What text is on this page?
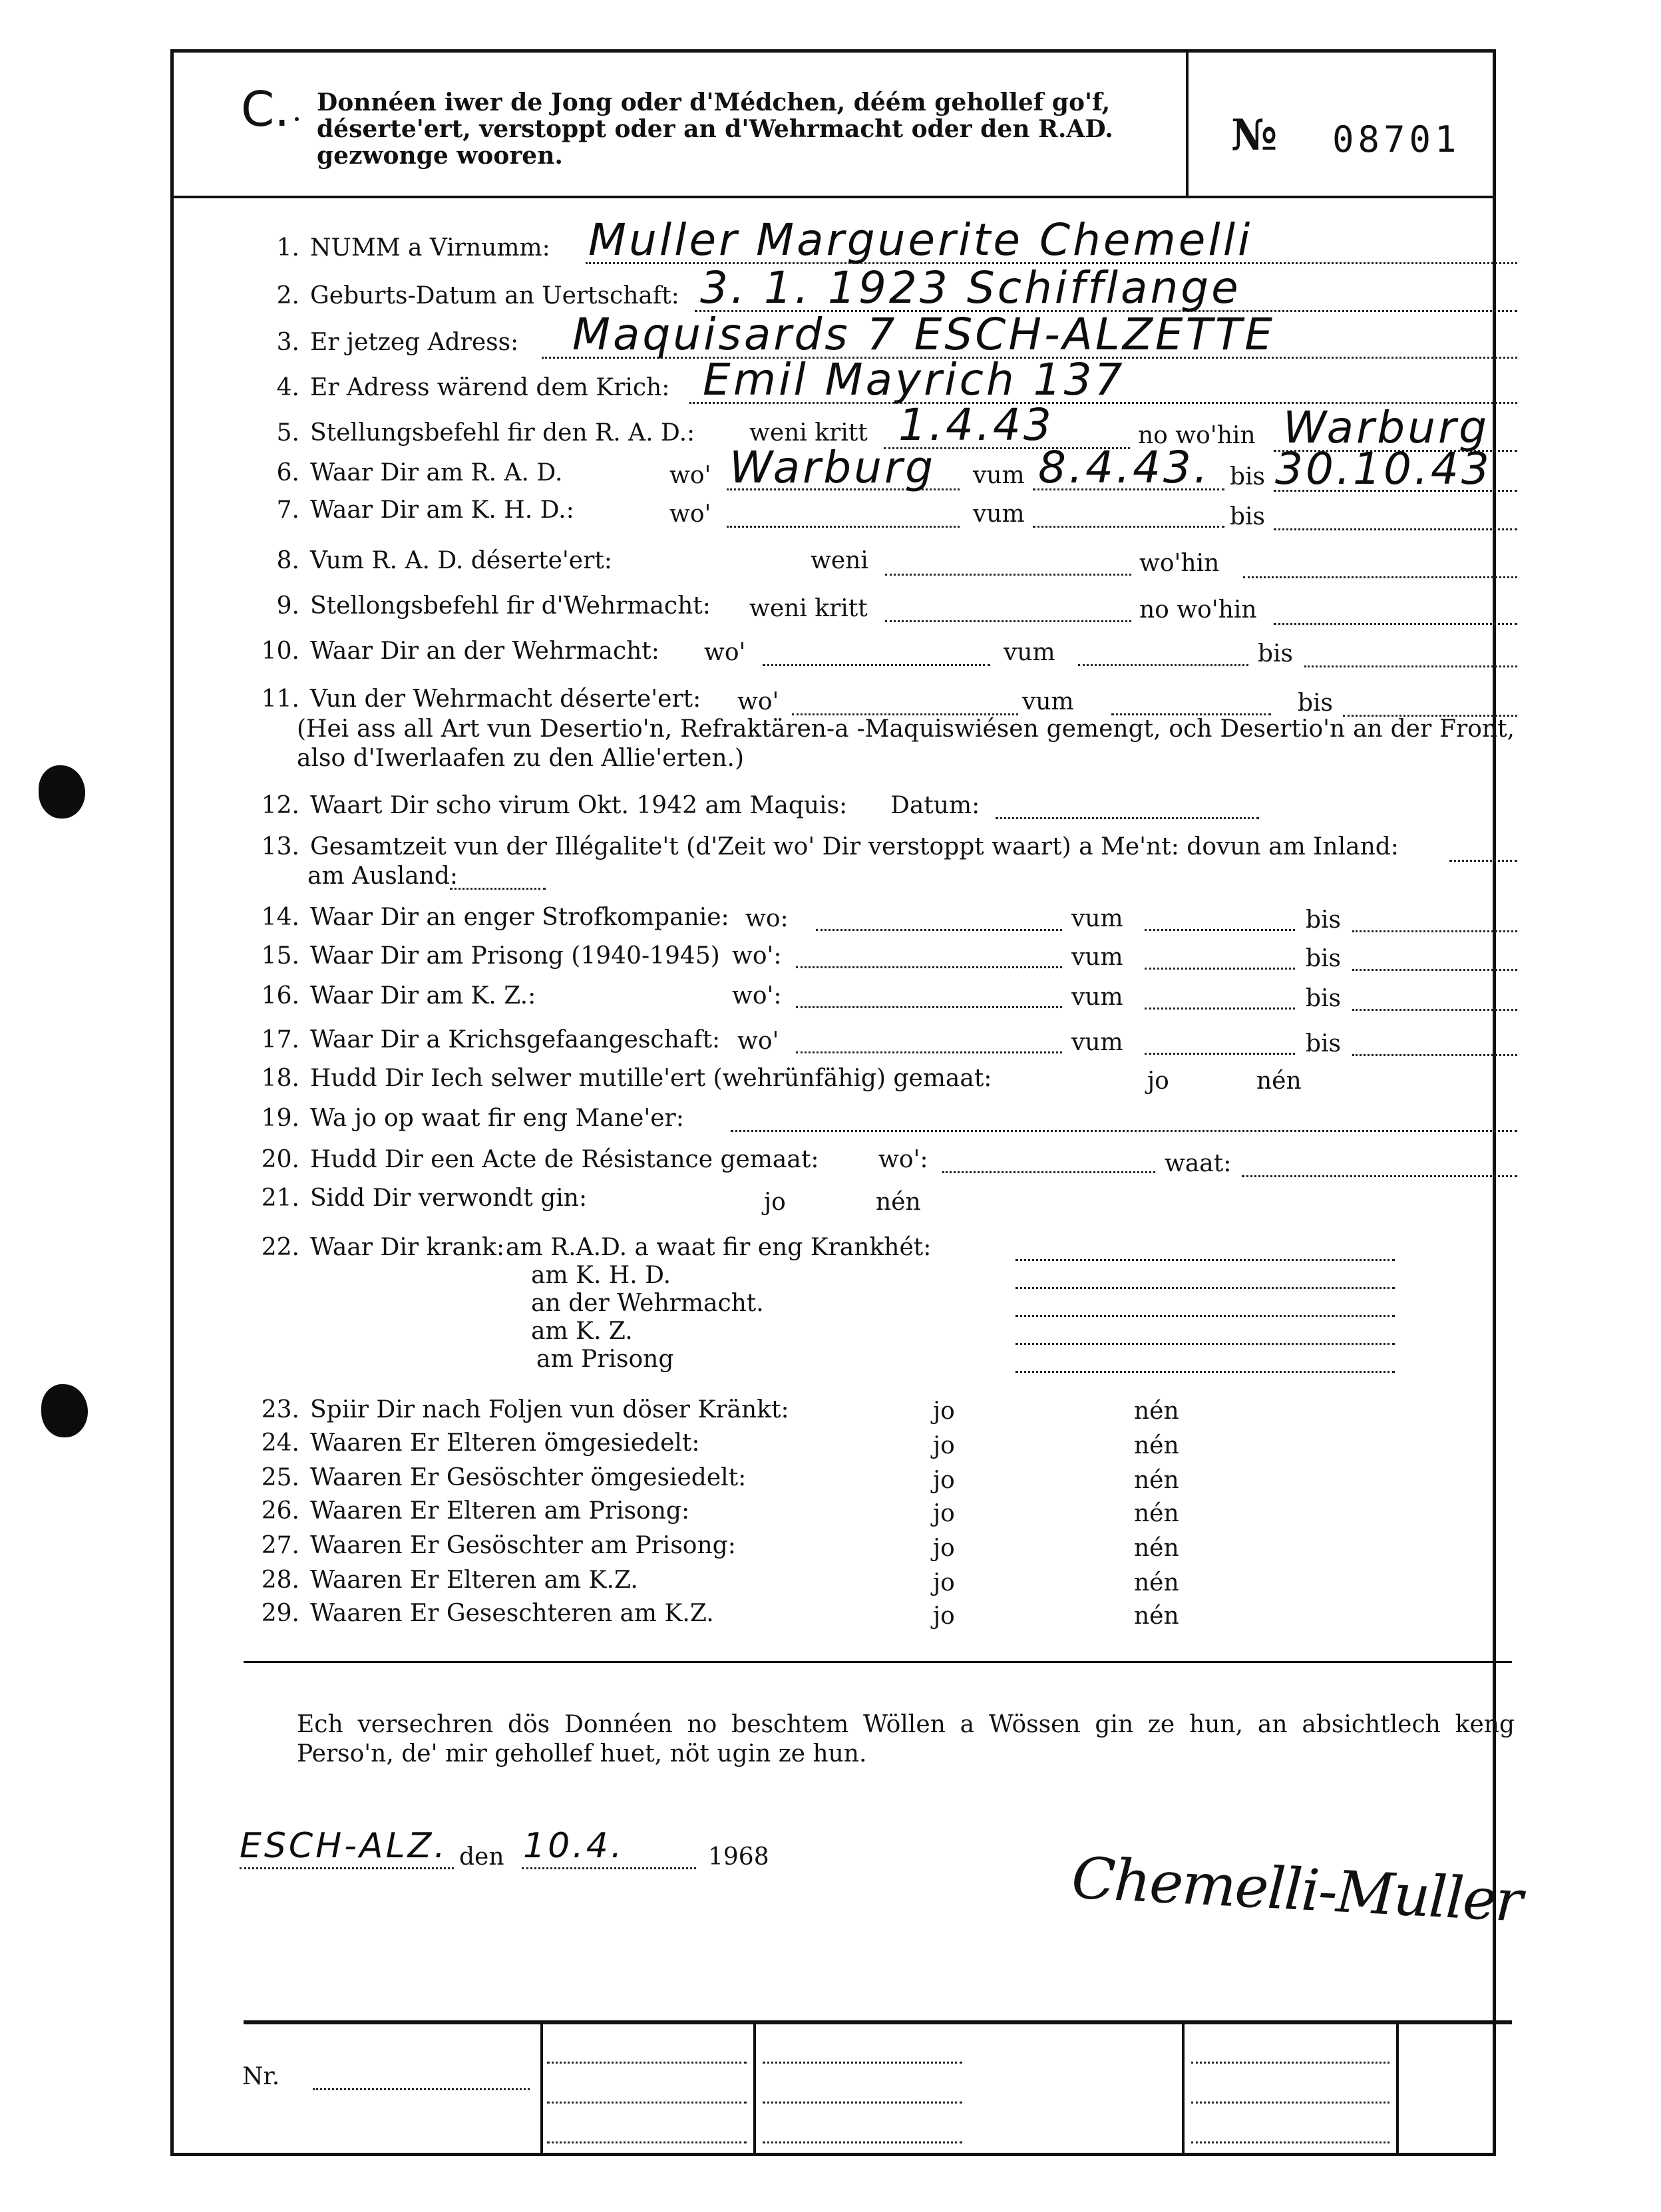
C. Donnéen iwer de Jong oder d'Médchen, déém gehollef go'f, déserte'ert, verstoppt oder an d'Wehrmacht oder den R.AD. gezwonge wooren.	№ 08701
1. NUMM a Virnumm: Muller Marguerite Chemelli
2. Geburts-Datum an Uertschaft: 3. 1. 1923 Schifflange
3. Er jetzeg Adress: Maquisards 7 ESCH-ALZETTE
4. Er Adress wärend dem Krich: Emil Mayrich 137
5. Stellungsbefehl fir den R. A. D.: weni kritt 1.4.43	no wo'hin Warburg
6. Waar Dir am R. A. D.	wo' Warburg vum 8.4.43. bis 30.10.43
7. Waar Dir am K. H. D.:	wo'	vum	bis
8. Vum R. A. D. déserte'ert:	weni	wo'hin
9. Stellongsbefehl fir d'Wehrmacht: weni kritt	no wo'hin
10. Waar Dir an der Wehrmacht: wo'	vum	bis
11. Vun der Wehrmacht déserte'ert: wo'	vum	bis
(Hei ass all Art vun Desertio'n, Refraktären-a -Maquiswiésen gemengt, och Desertio'n an der Front, also d'Iwerlaafen zu den Allie'erten.)
12. Waart Dir scho virum Okt. 1942 am Maquis: Datum:
13. Gesamtzeit vun der Illégalite't (d'Zeit wo' Dir verstoppt waart) a Me'nt: dovun am Inland:
am Ausland:
14. Waar Dir an enger Strofkompanie: wo:	vum	bis
15. Waar Dir am Prisong (1940-1945) wo':	vum	bis
16. Waar Dir am K. Z.:	wo':	vum	bis
17. Waar Dir a Krichsgefaangeschaft: wo'	vum	bis
18. Hudd Dir Iech selwer mutille'ert (wehrünfähig) gemaat:	jo	nén
19. Wa jo op waat fir eng Mane'er:
20. Hudd Dir een Acte de Résistance gemaat: wo':	waat:
21. Sidd Dir verwondt gin:	jo	nén
22. Waar Dir krank: am R.A.D. a waat fir eng Krankhét:
am K. H. D.
an der Wehrmacht.
am K. Z.
am Prisong
23. Spiir Dir nach Foljen vun döser Kränkt:	jo	nén
24. Waaren Er Elteren ömgesiedelt:	jo	nén
25. Waaren Er Gesöschter ömgesiedelt:	jo	nén
26. Waaren Er Elteren am Prisong:	jo	nén
27. Waaren Er Gesöschter am Prisong:	jo	nén
28. Waaren Er Elteren am K.Z.	jo	nén
29. Waaren Er Geseschteren am K.Z.	jo	nén
Ech versechren dös Donnéen no beschtem Wöllen a Wössen gin ze hun, an absichtlech keng Perso'n, de' mir gehollef huet, nöt ugin ze hun.
ESCH-ALZ. den 10.4.	1968	Chemelli-Muller
Nr.
